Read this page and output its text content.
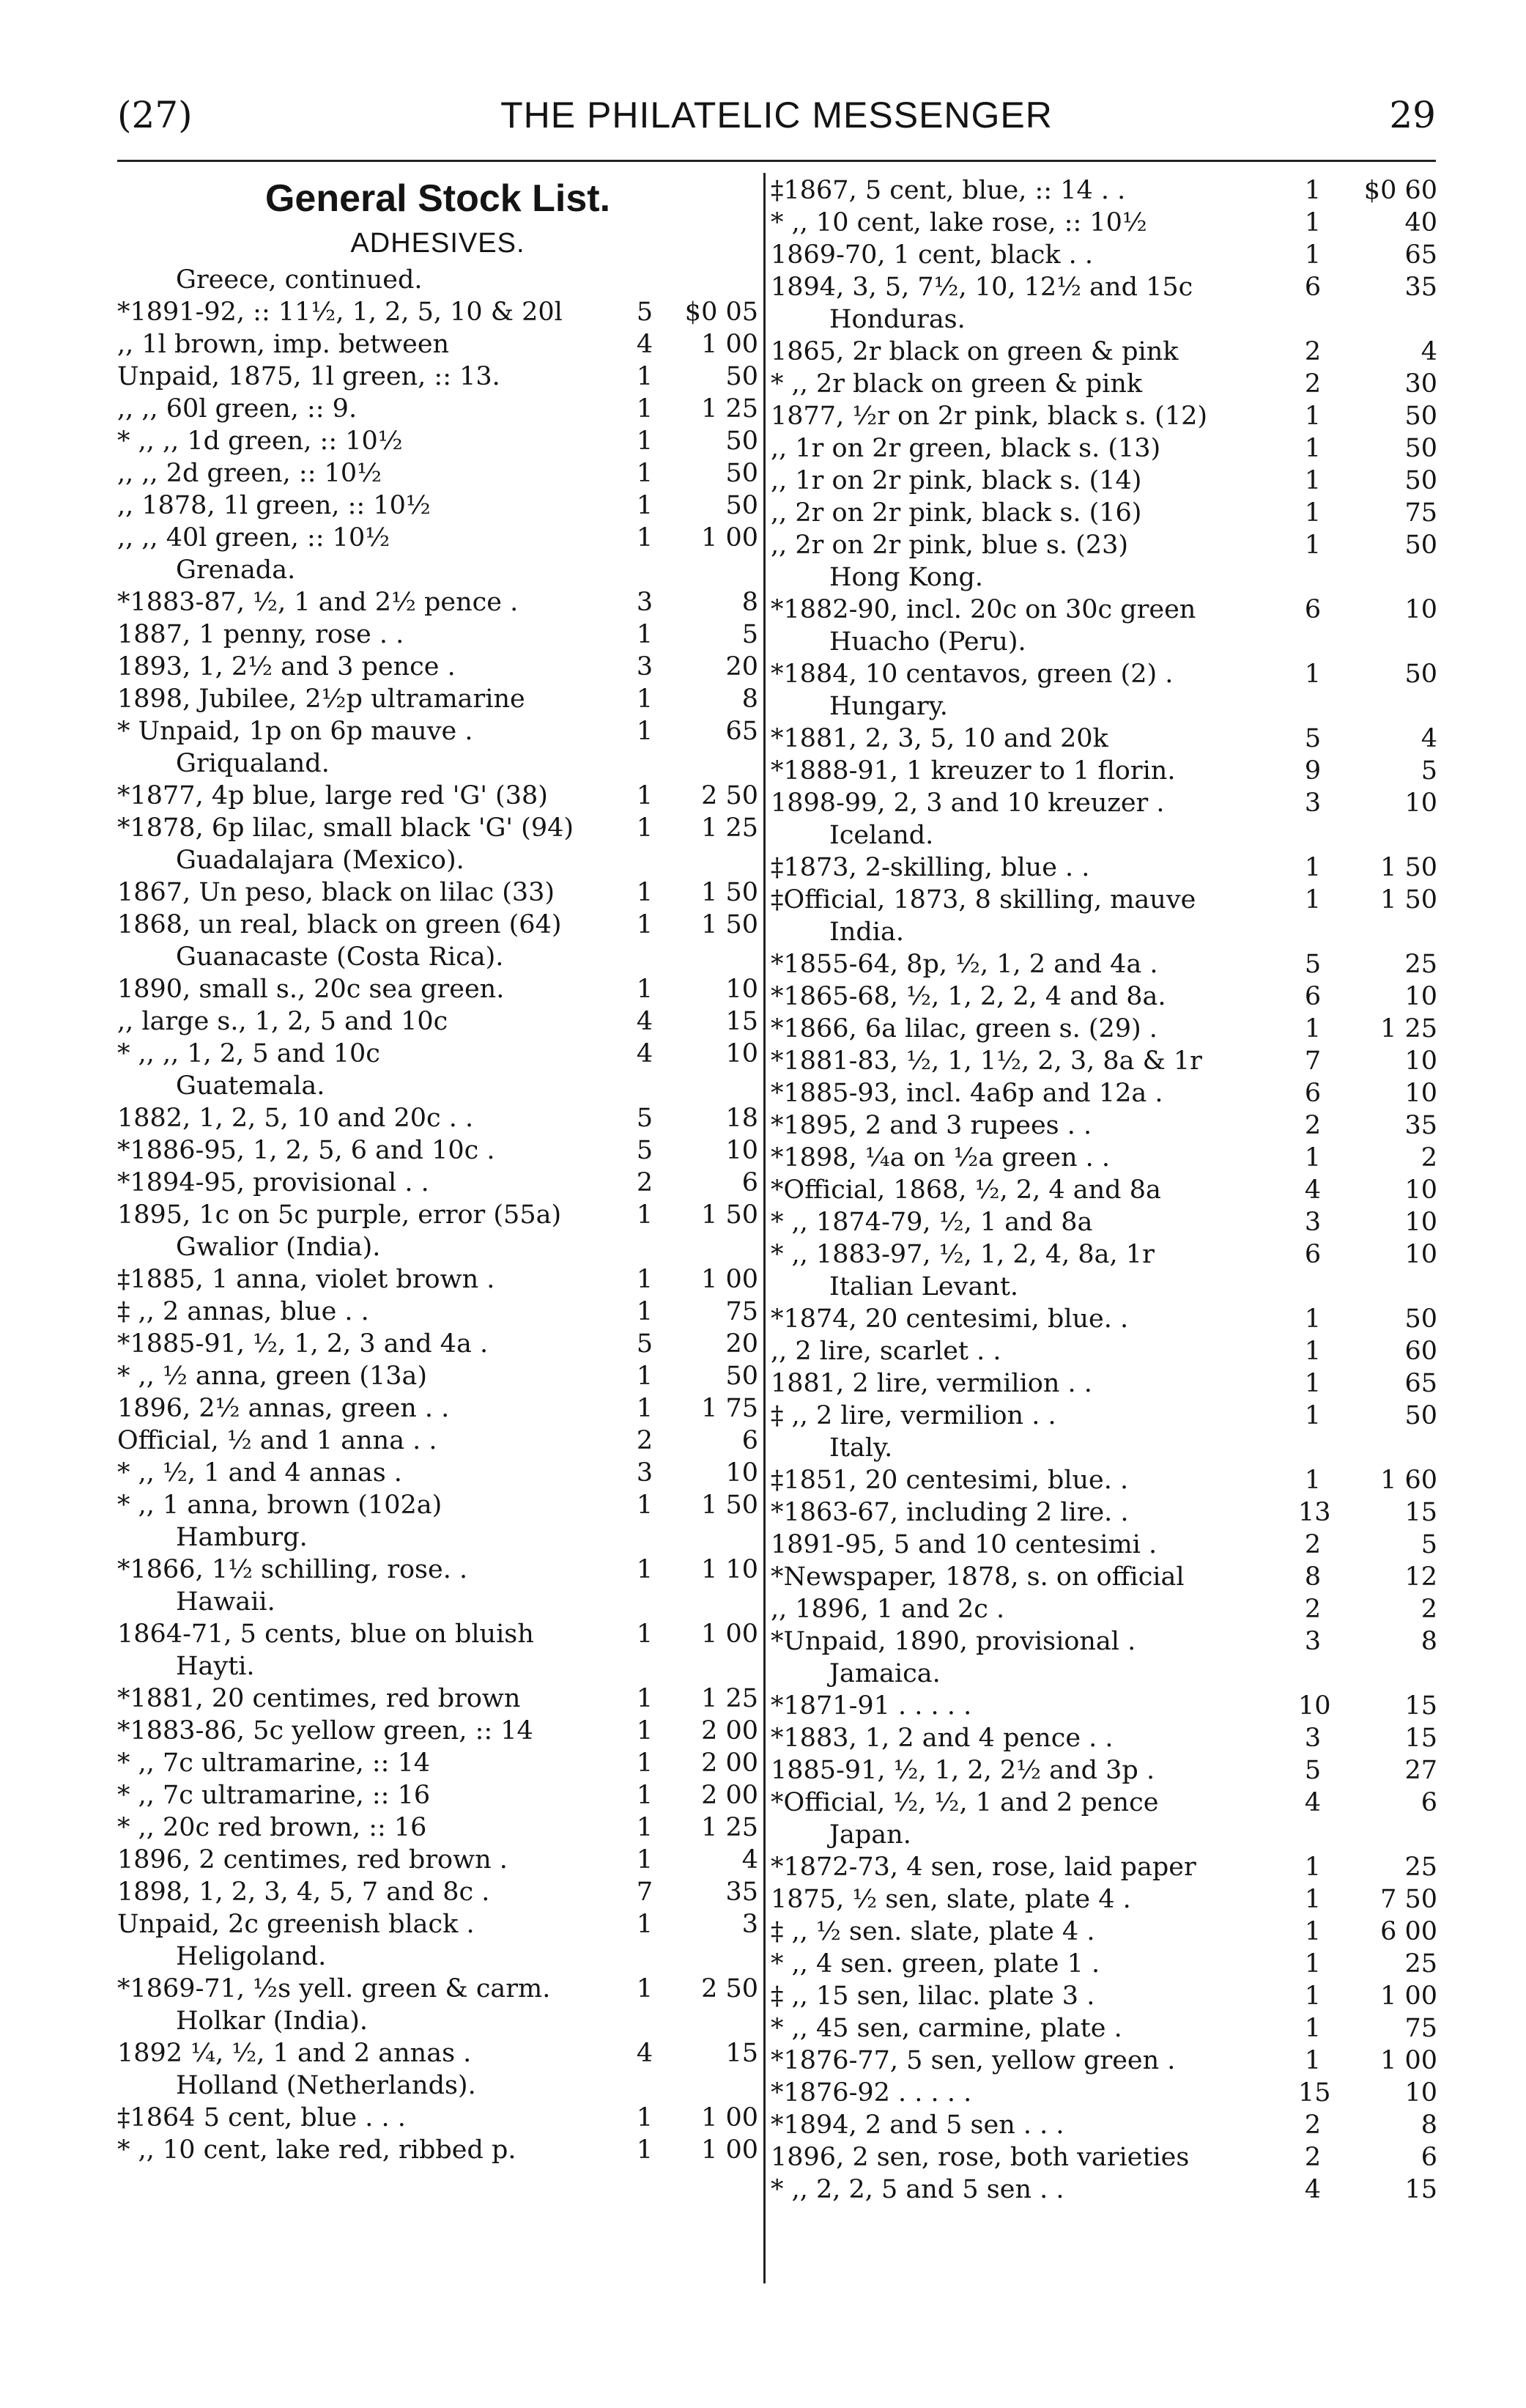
(27)	THE PHILATELIC MESSENGER	29
General Stock List.
ADHESIVES.
Greece, continued.
*1891-92, :: 11½, 1, 2, 5, 10 & 20l	5	$0 05
,, 1l brown, imp. between	4	1 00
Unpaid, 1875, 1l green, :: 13.	1	50
,, ,, 60l green, :: 9.	1	1 25
* ,, ,, 1d green, :: 10½	1	50
,, ,, 2d green, :: 10½	1	50
,, 1878, 1l green, :: 10½	1	50
,, ,, 40l green, :: 10½	1	1 00
Grenada.
*1883-87, ½, 1 and 2½ pence .	3	8
1887, 1 penny, rose . .	1	5
1893, 1, 2½ and 3 pence .	3	20
1898, Jubilee, 2½p ultramarine	1	8
* Unpaid, 1p on 6p mauve .	1	65
Griqualand.
*1877, 4p blue, large red 'G' (38)	1	2 50
*1878, 6p lilac, small black 'G' (94) 1	1 25
Guadalajara (Mexico).
1867, Un peso, black on lilac (33)	1	1 50
1868, un real, black on green (64)	1	1 50
Guanacaste (Costa Rica).
1890, small s., 20c sea green.	1	10
,, large s., 1, 2, 5 and 10c	4	15
* ,, ,, 1, 2, 5 and 10c	4	10
Guatemala.
1882, 1, 2, 5, 10 and 20c . .	5	18
*1886-95, 1, 2, 5, 6 and 10c .	5	10
*1894-95, provisional . .	2	6
1895, 1c on 5c purple, error (55a)	1	1 50
Gwalior (India).
‡1885, 1 anna, violet brown .	1	1 00
‡ ,, 2 annas, blue . .	1	75
*1885-91, ½, 1, 2, 3 and 4a .	5	20
* ,, ½ anna, green (13a)	1	50
1896, 2½ annas, green . .	1	1 75
Official, ½ and 1 anna . .	2	6
* ,, ½, 1 and 4 annas .	3	10
* ,, 1 anna, brown (102a)	1	1 50
Hamburg.
*1866, 1½ schilling, rose. .	1	1 10
Hawaii.
1864-71, 5 cents, blue on bluish	1	1 00
Hayti.
*1881, 20 centimes, red brown	1	1 25
*1883-86, 5c yellow green, :: 14	1	2 00
* ,, 7c ultramarine, :: 14	1	2 00
* ,, 7c ultramarine, :: 16	1	2 00
* ,, 20c red brown, :: 16	1	1 25
1896, 2 centimes, red brown .	1	4
1898, 1, 2, 3, 4, 5, 7 and 8c .	7	35
Unpaid, 2c greenish black .	1	3
Heligoland.
*1869-71, ½s yell. green & carm.	1	2 50
Holkar (India).
1892 ¼, ½, 1 and 2 annas .	4	15
Holland (Netherlands).
‡1864 5 cent, blue . . .	1	1 00
* ,, 10 cent, lake red, ribbed p.	1	1 00
‡1867, 5 cent, blue, :: 14 . .	1	$0 60
* ,, 10 cent, lake rose, :: 10½	1	40
1869-70, 1 cent, black . .	1	65
1894, 3, 5, 7½, 10, 12½ and 15c	6	35
Honduras.
1865, 2r black on green & pink	2	4
* ,, 2r black on green & pink	2	30
1877, ½r on 2r pink, black s. (12)	1	50
,, 1r on 2r green, black s. (13)	1	50
,, 1r on 2r pink, black s. (14)	1	50
,, 2r on 2r pink, black s. (16)	1	75
,, 2r on 2r pink, blue s. (23)	1	50
Hong Kong.
*1882-90, incl. 20c on 30c green	6	10
Huacho (Peru).
*1884, 10 centavos, green (2) .	1	50
Hungary.
*1881, 2, 3, 5, 10 and 20k	5	4
*1888-91, 1 kreuzer to 1 florin.	9	5
1898-99, 2, 3 and 10 kreuzer .	3	10
Iceland.
‡1873, 2-skilling, blue . .	1	1 50
‡Official, 1873, 8 skilling, mauve	1	1 50
India.
*1855-64, 8p, ½, 1, 2 and 4a .	5	25
*1865-68, ½, 1, 2, 2, 4 and 8a.	6	10
*1866, 6a lilac, green s. (29) .	1	1 25
*1881-83, ½, 1, 1½, 2, 3, 8a & 1r	7	10
*1885-93, incl. 4a6p and 12a .	6	10
*1895, 2 and 3 rupees . .	2	35
*1898, ¼a on ½a green . .	1	2
*Official, 1868, ½, 2, 4 and 8a	4	10
* ,, 1874-79, ½, 1 and 8a	3	10
* ,, 1883-97, ½, 1, 2, 4, 8a, 1r	6	10
Italian Levant.
*1874, 20 centesimi, blue. .	1	50
,, 2 lire, scarlet . .	1	60
1881, 2 lire, vermilion . .	1	65
‡ ,, 2 lire, vermilion . .	1	50
Italy.
‡1851, 20 centesimi, blue. .	1	1 60
*1863-67, including 2 lire. .	13	15
1891-95, 5 and 10 centesimi .	2	5
*Newspaper, 1878, s. on official	8	12
,, 1896, 1 and 2c .	2	2
*Unpaid, 1890, provisional .	3	8
Jamaica.
*1871-91 . . . . .	10	15
*1883, 1, 2 and 4 pence . .	3	15
1885-91, ½, 1, 2, 2½ and 3p .	5	27
*Official, ½, ½, 1 and 2 pence	4	6
Japan.
*1872-73, 4 sen, rose, laid paper	1	25
1875, ½ sen, slate, plate 4 .	1	7 50
‡ ,, ½ sen. slate, plate 4 .	1	6 00
* ,, 4 sen. green, plate 1 .	1	25
‡ ,, 15 sen, lilac. plate 3 .	1	1 00
* ,, 45 sen, carmine, plate .	1	75
*1876-77, 5 sen, yellow green .	1	1 00
*1876-92 . . . . .	15	10
*1894, 2 and 5 sen . . .	2	8
1896, 2 sen, rose, both varieties	2	6
* ,, 2, 2, 5 and 5 sen . .	4	15
